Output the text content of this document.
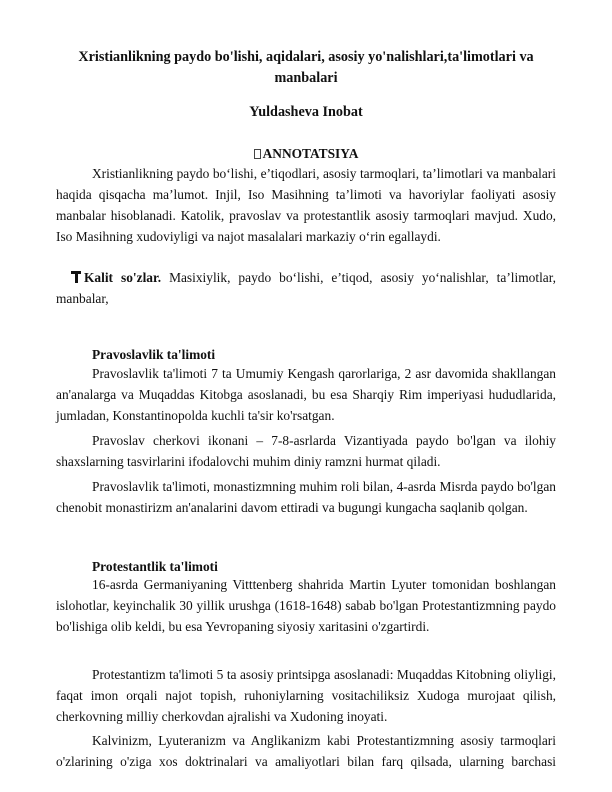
Xristianlikning paydo bo'lishi, aqidalari, asosiy yo'nalishlari,ta'limotlari va manbalari
Yuldasheva Inobat
ANNOTATSIYA

Xristianlikning paydo bo‘lishi, e’tiqodlari, asosiy tarmoqlari, ta’limotlari va manbalari haqida qisqacha ma’lumot. Injil, Iso Masihning ta’limoti va havoriylar faoliyati asosiy manbalar hisoblanadi. Katolik, pravoslav va protestantlik asosiy tarmoqlari mavjud. Xudo, Iso Masihning xudoviyligi va najot masalalari markaziy o‘rin egallaydi.

Kalit so'zlar. Masixiylik, paydo bo‘lishi, e’tiqod, asosiy yo‘nalishlar, ta’limotlar, manbalar,

Pravoslavlik ta'limoti

Pravoslavlik ta'limoti 7 ta Umumiy Kengash qarorlariga, 2 asr davomida shakllangan an'analarga va Muqaddas Kitobga asoslanadi, bu esa Sharqiy Rim imperiyasi hududlarida, jumladan, Konstantinopolda kuchli ta'sir ko'rsatgan.

Pravoslav cherkovi ikonani – 7-8-asrlarda Vizantiyada paydo bo'lgan va ilohiy shaxslarning tasvirlarini ifodalovchi muhim diniy ramzni hurmat qiladi.

Pravoslavlik ta'limoti, monastizmning muhim roli bilan, 4-asrda Misrda paydo bo'lgan chenobit monastirizm an'analarini davom ettiradi va bugungi kungacha saqlanib qolgan.

Protestantlik ta'limoti

16-asrda Germaniyaning Vitttenberg shahrida Martin Lyuter tomonidan boshlangan islohotlar, keyinchalik 30 yillik urushga (1618-1648) sabab bo'lgan Protestantizmning paydo bo'lishiga olib keldi, bu esa Yevropaning siyosiy xaritasini o'zgartirdi.

Protestantizm ta'limoti 5 ta asosiy printsipga asoslanadi: Muqaddas Kitobning oliyligi, faqat imon orqali najot topish, ruhoniylarning vositachiliksiz Xudoga murojaat qilish, cherkovning milliy cherkovdan ajralishi va Xudoning inoyati.

Kalvinizm, Lyuteranizm va Anglikanizm kabi Protestantizmning asosiy tarmoqlari o'zlarining o'ziga xos doktrinalari va amaliyotlari bilan farq qilsada, ularning barchasi
